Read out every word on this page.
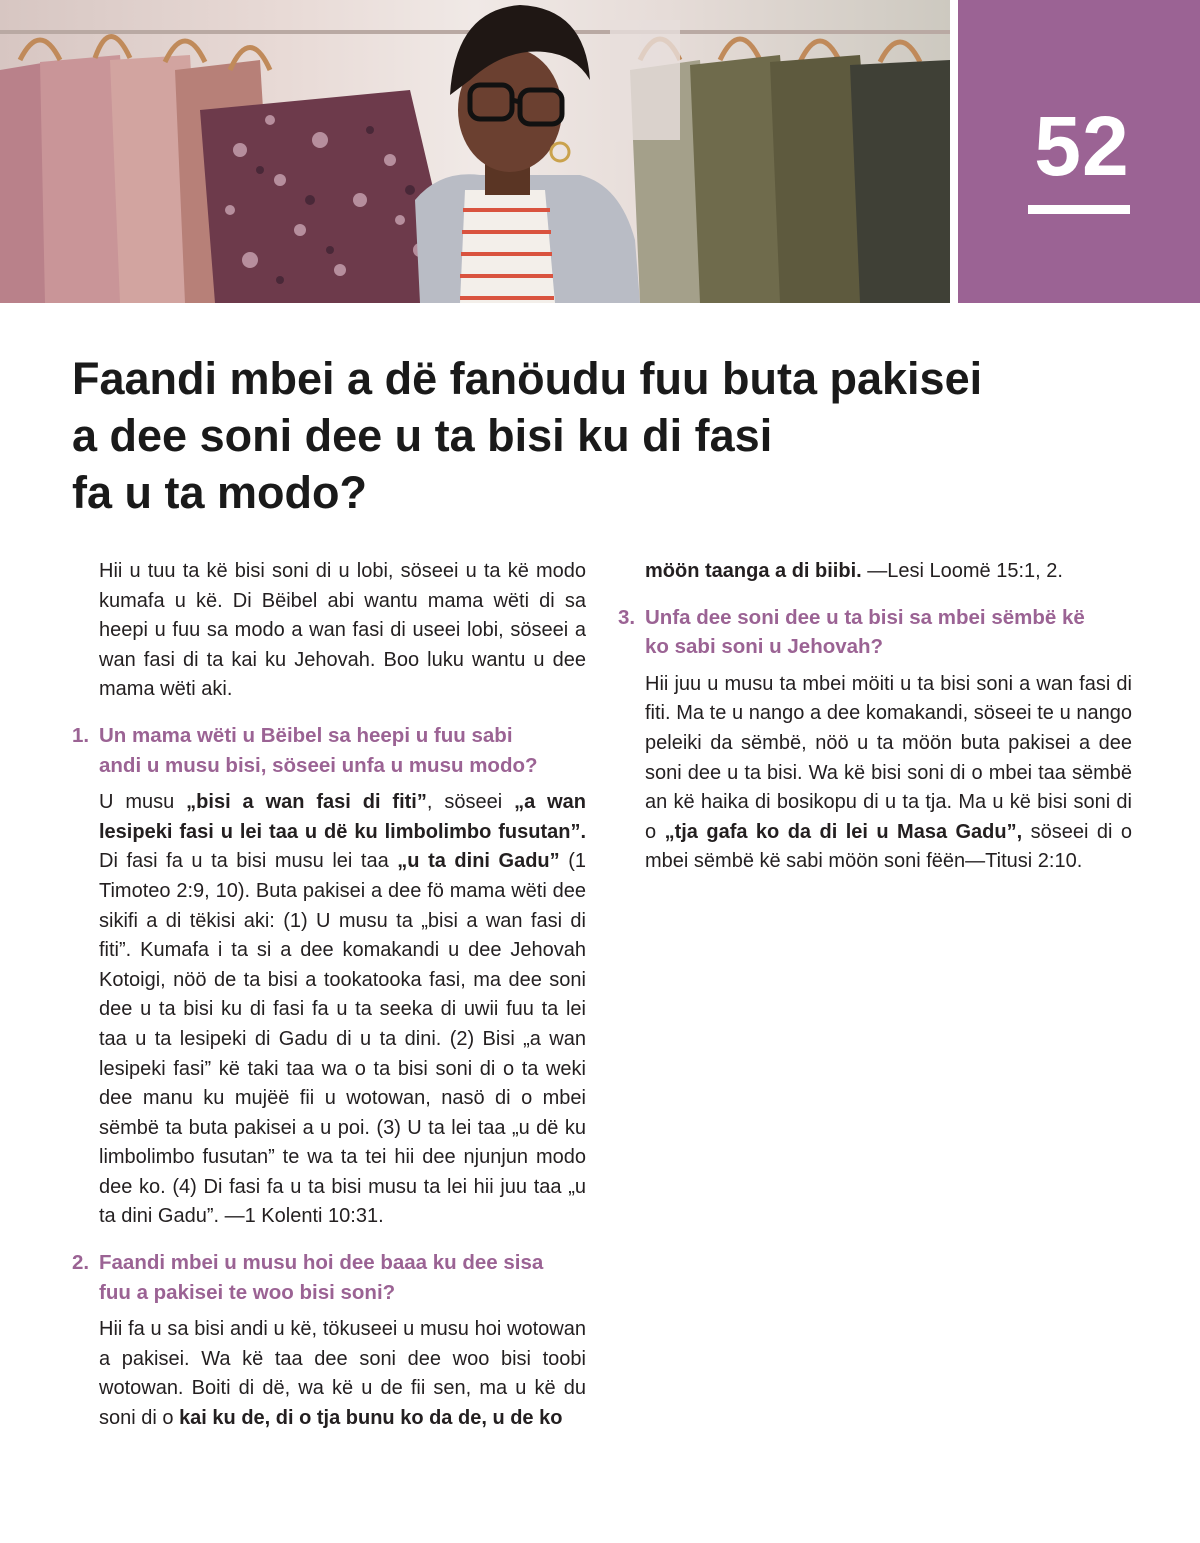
52
Faandi mbei a dë fanöudu fuu buta pakisei
a dee soni dee u ta bisi ku di fasi
fa u ta modo?

Hii u tuu ta kë bisi soni di u lobi, söseei u ta kë modo kumafa u kë. Di Bëibel abi wantu mama wëti di sa heepi u fuu sa modo a wan fasi di useei lobi, söseei a wan fasi di ta kai ku Jehovah. Boo luku wantu u dee mama wëti aki.

1. Un mama wëti u Bëibel sa heepi u fuu sabi
andi u musu bisi, söseei unfa u musu modo?

U musu „bisi a wan fasi di fiti”, söseei „a wan lesipeki fasi u lei taa u dë ku limbolimbo fusutan”. Di fasi fa u ta bisi musu lei taa „u ta dini Gadu” (1 Timoteo 2:9, 10). Buta pakisei a dee fö mama wëti dee sikifi a di tëkisi aki: (1) U musu ta „bisi a wan fasi di fiti”. Kumafa i ta si a dee komakandi u dee Jehovah Kotoigi, nöö de ta bisi a tookatooka fasi, ma dee soni dee u ta bisi ku di fasi fa u ta seeka di uwii fuu ta lei taa u ta lesipeki di Gadu di u ta dini. (2) Bisi „a wan lesipeki fasi” kë taki taa wa o ta bisi soni di o ta weki dee manu ku mujëë fii u wotowan, nasö di o mbei sëmbë ta buta pakisei a u poi. (3) U ta lei taa „u dë ku limbolimbo fusutan” te wa ta tei hii dee njunjun modo dee ko. (4) Di fasi fa u ta bisi musu ta lei hii juu taa „u ta dini Gadu”. —1 Kolenti 10:31.

2. Faandi mbei u musu hoi dee baaa ku dee sisa
fuu a pakisei te woo bisi soni?

Hii fa u sa bisi andi u kë, tökuseei u musu hoi wotowan a pakisei. Wa kë taa dee soni dee woo bisi toobi wotowan. Boiti di dë, wa kë u de fii sen, ma u kë du soni di o kai ku de, di o tja bunu ko da de, u de ko

möön taanga a di biibi. —Lesi Loomë 15:1, 2.

3. Unfa dee soni dee u ta bisi sa mbei sëmbë kë
ko sabi soni u Jehovah?

Hii juu u musu ta mbei möiti u ta bisi soni a wan fasi di fiti. Ma te u nango a dee komakandi, söseei te u nango peleiki da sëmbë, nöö u ta möön buta pakisei a dee soni dee u ta bisi. Wa kë bisi soni di o mbei taa sëmbë an kë haika di bosikopu di u ta tja. Ma u kë bisi soni di o „tja gafa ko da di lei u Masa Gadu”, söseei di o mbei sëmbë kë sabi möön soni fëën—Titusi 2:10.
